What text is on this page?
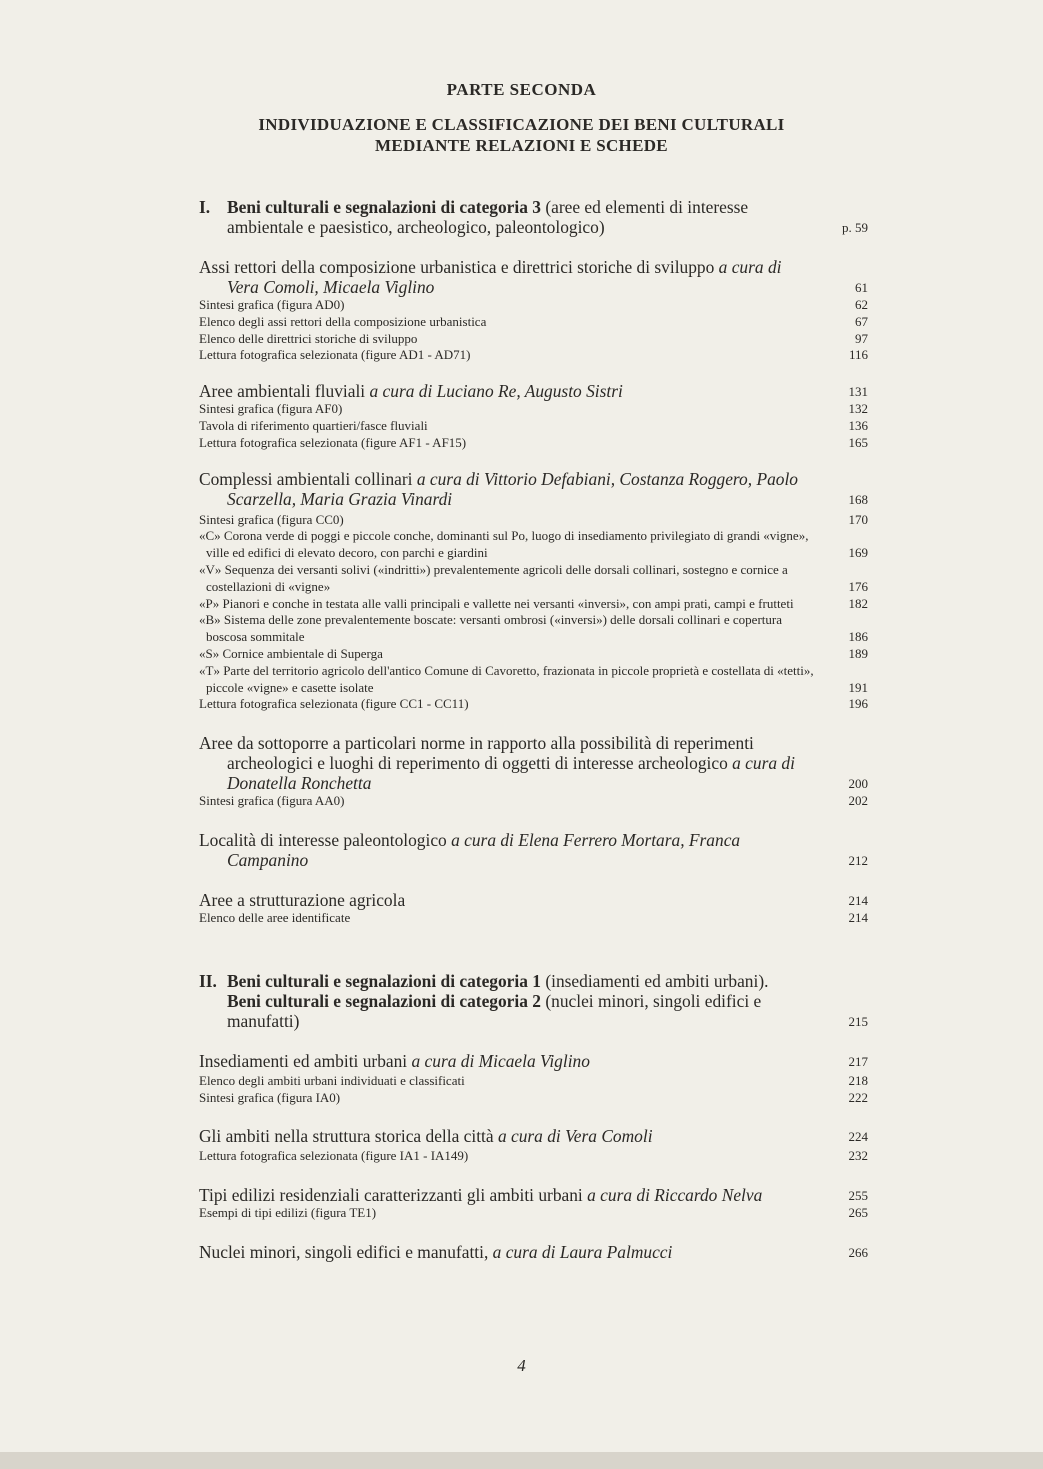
PARTE SECONDA
INDIVIDUAZIONE E CLASSIFICAZIONE DEI BENI CULTURALI
MEDIANTE RELAZIONI E SCHEDE
I. Beni culturali e segnalazioni di categoria 3 (aree ed elementi di interesse ambientale e paesistico, archeologico, paleontologico)	p. 59
Assi rettori della composizione urbanistica e direttrici storiche di sviluppo a cura di Vera Comoli, Micaela Viglino	61
Sintesi grafica (figura AD0)	62
Elenco degli assi rettori della composizione urbanistica	67
Elenco delle direttrici storiche di sviluppo	97
Lettura fotografica selezionata (figure AD1 - AD71)	116
Aree ambientali fluviali a cura di Luciano Re, Augusto Sistri	131
Sintesi grafica (figura AF0)	132
Tavola di riferimento quartieri/fasce fluviali	136
Lettura fotografica selezionata (figure AF1 - AF15)	165
Complessi ambientali collinari a cura di Vittorio Defabiani, Costanza Roggero, Paolo Scarzella, Maria Grazia Vinardi	168
Sintesi grafica (figura CC0)	170
«C» Corona verde di poggi e piccole conche, dominanti sul Po, luogo di insediamento privilegiato di grandi «vigne», ville ed edifici di elevato decoro, con parchi e giardini	169
«V» Sequenza dei versanti solivi («indritti») prevalentemente agricoli delle dorsali collinari, sostegno e cornice a costellazioni di «vigne»	176
«P» Pianori e conche in testata alle valli principali e vallette nei versanti «inversi», con ampi prati, campi e frutteti	182
«B» Sistema delle zone prevalentemente boscate: versanti ombrosi («inversi») delle dorsali collinari e copertura boscosa sommitale	186
«S» Cornice ambientale di Superga	189
«T» Parte del territorio agricolo dell'antico Comune di Cavoretto, frazionata in piccole proprietà e costellata di «tetti», piccole «vigne» e casette isolate	191
Lettura fotografica selezionata (figure CC1 - CC11)	196
Aree da sottoporre a particolari norme in rapporto alla possibilità di reperimenti archeologici e luoghi di reperimento di oggetti di interesse archeologico a cura di Donatella Ronchetta	200
Sintesi grafica (figura AA0)	202
Località di interesse paleontologico a cura di Elena Ferrero Mortara, Franca Campanino	212
Aree a strutturazione agricola	214
Elenco delle aree identificate	214
II. Beni culturali e segnalazioni di categoria 1 (insediamenti ed ambiti urbani).
Beni culturali e segnalazioni di categoria 2 (nuclei minori, singoli edifici e manufatti)	215
Insediamenti ed ambiti urbani a cura di Micaela Viglino	217
Elenco degli ambiti urbani individuati e classificati	218
Sintesi grafica (figura IA0)	222
Gli ambiti nella struttura storica della città a cura di Vera Comoli	224
Lettura fotografica selezionata (figure IA1 - IA149)	232
Tipi edilizi residenziali caratterizzanti gli ambiti urbani a cura di Riccardo Nelva	255
Esempi di tipi edilizi (figura TE1)	265
Nuclei minori, singoli edifici e manufatti, a cura di Laura Palmucci	266
4
